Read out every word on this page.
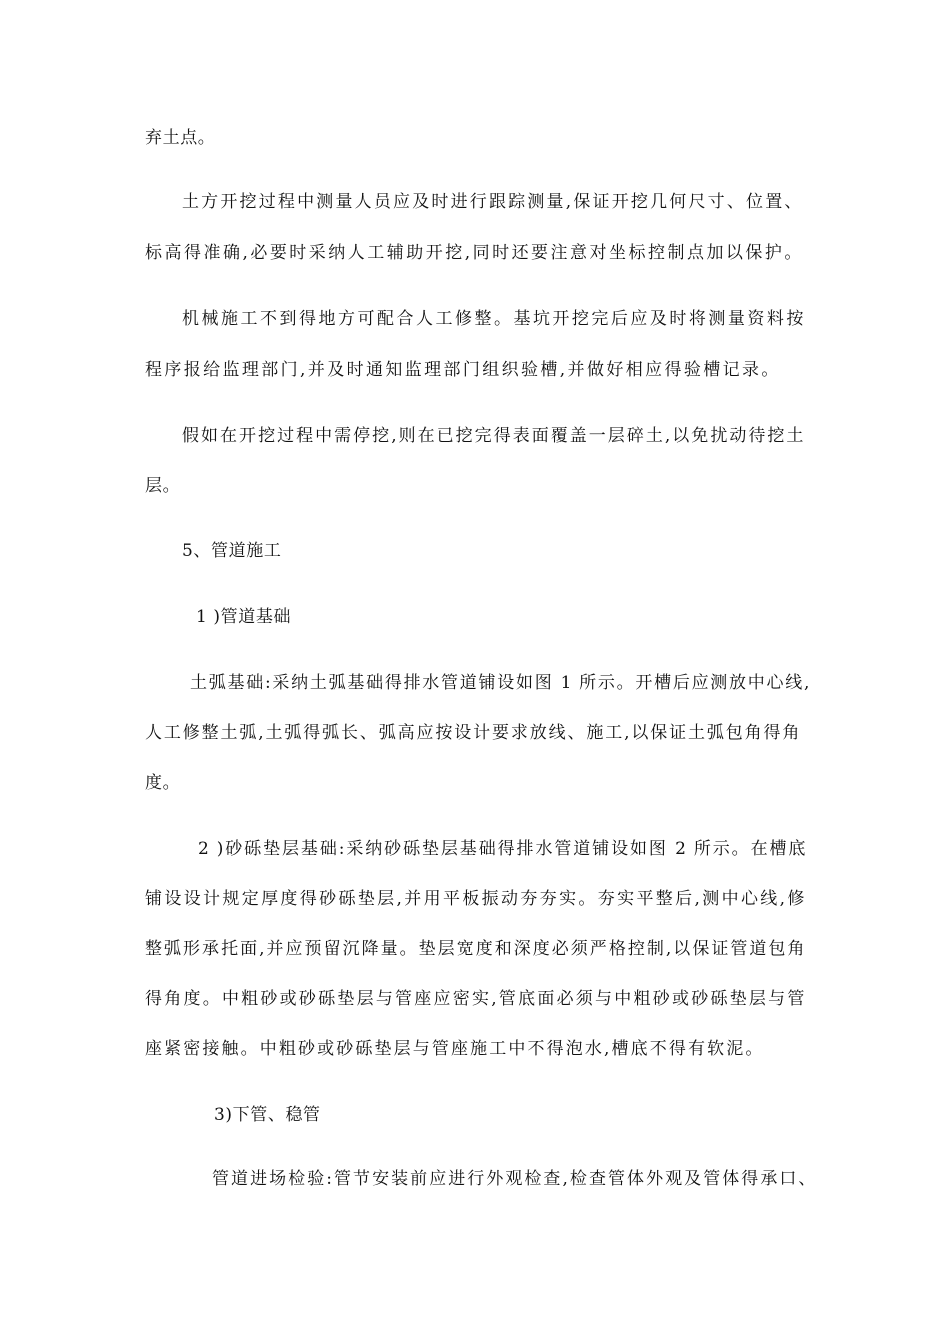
弃土点。
土方开挖过程中测量人员应及时进行跟踪测量,保证开挖几何尺寸、位置、
标高得准确,必要时采纳人工辅助开挖,同时还要注意对坐标控制点加以保护。
机械施工不到得地方可配合人工修整。基坑开挖完后应及时将测量资料按
程序报给监理部门,并及时通知监理部门组织验槽,并做好相应得验槽记录。
假如在开挖过程中需停挖,则在已挖完得表面覆盖一层碎土,以免扰动待挖土
层。
5、管道施工
1 )管道基础
土弧基础:采纳土弧基础得排水管道铺设如图 1 所示。开槽后应测放中心线,
人工修整土弧,土弧得弧长、弧高应按设计要求放线、施工,以保证土弧包角得角
度。
2 )砂砾垫层基础:采纳砂砾垫层基础得排水管道铺设如图 2 所示。在槽底
铺设设计规定厚度得砂砾垫层,并用平板振动夯夯实。夯实平整后,测中心线,修
整弧形承托面,并应预留沉降量。垫层宽度和深度必须严格控制,以保证管道包角
得角度。中粗砂或砂砾垫层与管座应密实,管底面必须与中粗砂或砂砾垫层与管
座紧密接触。中粗砂或砂砾垫层与管座施工中不得泡水,槽底不得有软泥。
3)下管、稳管
管道进场检验:管节安装前应进行外观检查,检查管体外观及管体得承口、
